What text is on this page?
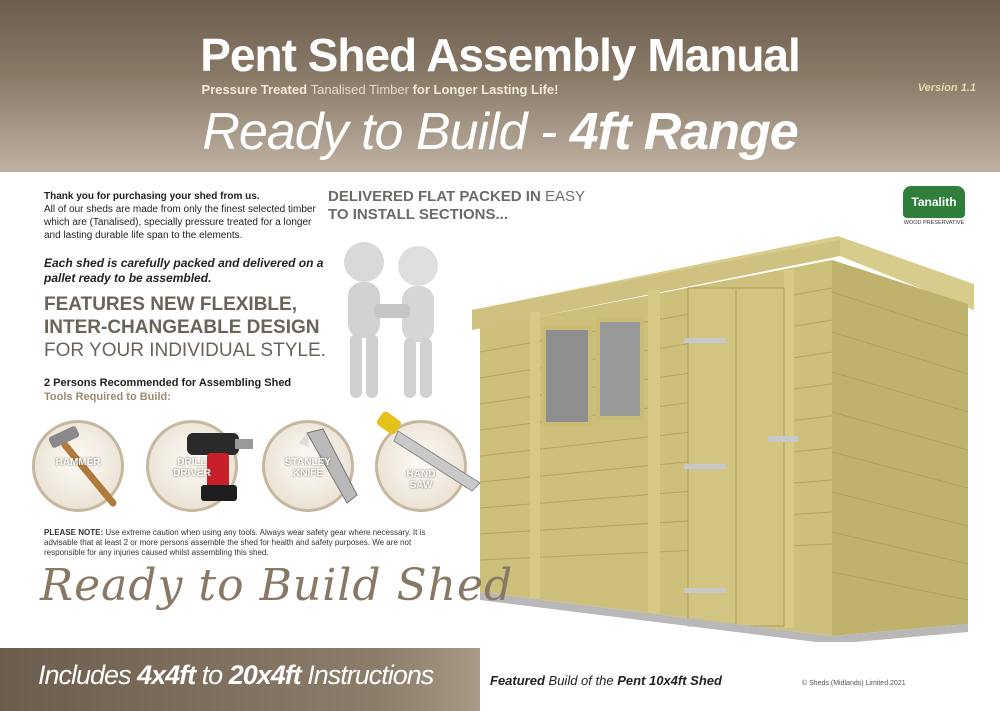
Pent Shed Assembly Manual
Pressure Treated Tanalised Timber for Longer Lasting Life!	Version 1.1
Ready to Build - 4ft Range
Thank you for purchasing your shed from us.
All of our sheds are made from only the finest selected timber which are (Tanalised), specially pressure treated for a longer and lasting durable life span to the elements.
Each shed is carefully packed and delivered on a pallet ready to be assembled.
FEATURES NEW FLEXIBLE,
INTER-CHANGEABLE DESIGN
FOR YOUR INDIVIDUAL STYLE.
2 Persons Recommended for Assembling Shed
Tools Required to Build:
HAMMER	DRILL
DRIVER
STANLEY
KNIFE	HAND
SAW
PLEASE NOTE: Use extreme caution when using any tools. Always wear safety gear where necessary. It is advisable that at least 2 or more persons assemble the shed for health and safety purposes. We are not responsible for any injuries caused whilst assembling this shed.
DELIVERED FLAT PACKED IN EASY
TO INSTALL SECTIONS...
Tanalith
WOOD PRESERVATIVE
Ready to Build Shed
Includes 4x4ft to 20x4ft Instructions	Featured Build of the Pent 10x4ft Shed	© Sheds (Midlands) Limited 2021
